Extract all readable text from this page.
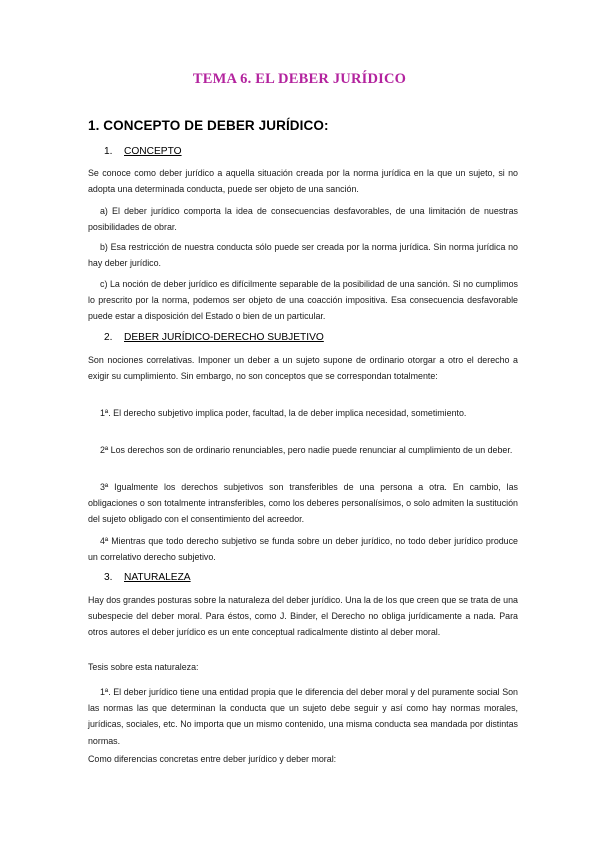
TEMA 6. EL DEBER JURÍDICO
1. CONCEPTO DE DEBER JURÍDICO:
1. CONCEPTO
Se conoce como deber jurídico a aquella situación creada por la norma jurídica en la que un sujeto, si no adopta una determinada conducta, puede ser objeto de una sanción.
a) El deber jurídico comporta la idea de consecuencias desfavorables, de una limitación de nuestras posibilidades de obrar.
b) Esa restricción de nuestra conducta sólo puede ser creada por la norma jurídica. Sin norma jurídica no hay deber jurídico.
c) La noción de deber jurídico es difícilmente separable de la posibilidad de una sanción. Si no cumplimos lo prescrito por la norma, podemos ser objeto de una coacción impositiva. Esa consecuencia desfavorable puede estar a disposición del Estado o bien de un particular.
2. DEBER JURÍDICO-DERECHO SUBJETIVO
Son nociones correlativas. Imponer un deber a un sujeto supone de ordinario otorgar a otro el derecho a exigir su cumplimiento. Sin embargo, no son conceptos que se correspondan totalmente:
1ª. El derecho subjetivo implica poder, facultad, la de deber implica necesidad, sometimiento.
2ª Los derechos son de ordinario renunciables, pero nadie puede renunciar al cumplimiento de un deber.
3ª Igualmente los derechos subjetivos son transferibles de una persona a otra. En cambio, las obligaciones o son totalmente intransferibles, como los deberes personalísimos, o solo admiten la sustitución del sujeto obligado con el consentimiento del acreedor.
4ª Mientras que todo derecho subjetivo se funda sobre un deber jurídico, no todo deber jurídico produce un correlativo derecho subjetivo.
3. NATURALEZA
Hay dos grandes posturas sobre la naturaleza del deber jurídico. Una la de los que creen que se trata de una subespecie del deber moral. Para éstos, como J. Binder, el Derecho no obliga jurídicamente a nada. Para otros autores el deber jurídico es un ente conceptual radicalmente distinto al deber moral.
Tesis sobre esta naturaleza:
1ª. El deber jurídico tiene una entidad propia que le diferencia del deber moral y del puramente social Son las normas las que determinan la conducta que un sujeto debe seguir y así como hay normas morales, jurídicas, sociales, etc. No importa que un mismo contenido, una misma conducta sea mandada por distintas normas.
Como diferencias concretas entre deber jurídico y deber moral:
